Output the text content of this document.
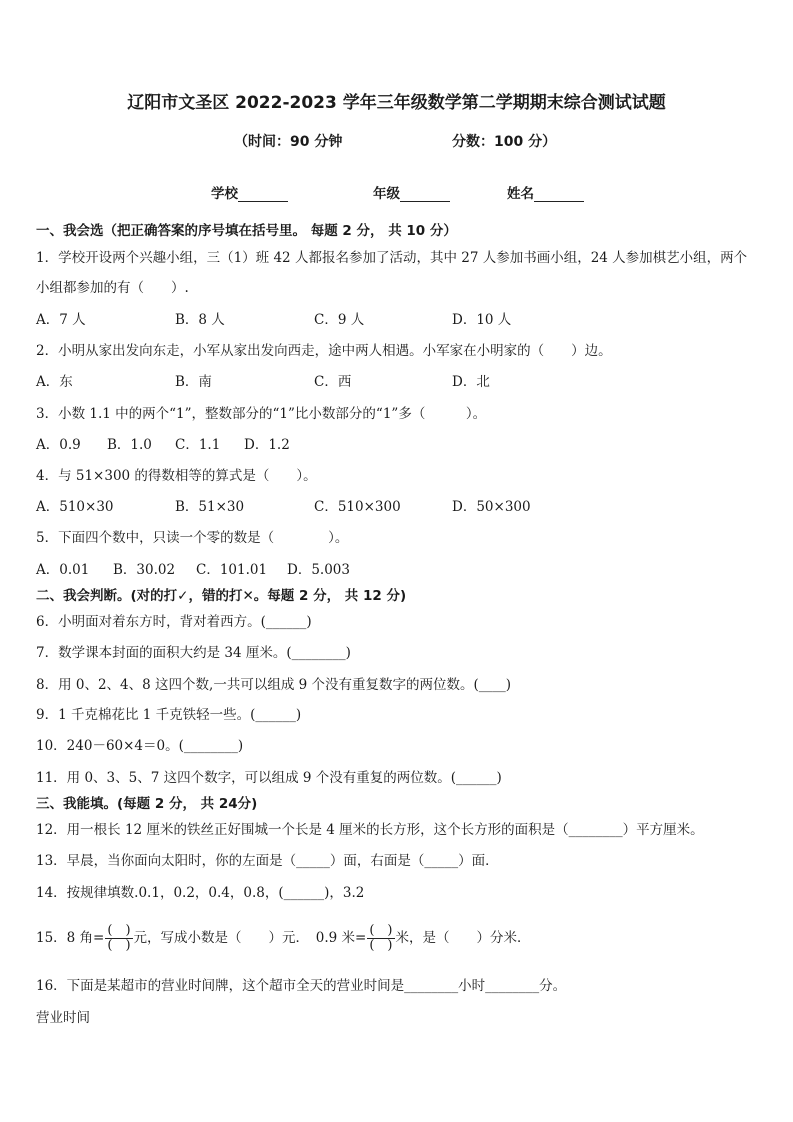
辽阳市文圣区 2022-2023 学年三年级数学第二学期期末综合测试试题
（时间：90 分钟	分数：100 分）
学校	年级	姓名
一、我会选（把正确答案的序号填在括号里。 每题 2 分， 共 10 分）
1．学校开设两个兴趣小组，三（1）班 42 人都报名参加了活动，其中 27 人参加书画小组，24 人参加棋艺小组，两个
小组都参加的有（　　）.
A．7 人	B．8 人	C．9 人	D．10 人
2．小明从家出发向东走，小军从家出发向西走，途中两人相遇。小军家在小明家的（　　）边。
A．东	B．南	C．西	D．北
3．小数 1.1 中的两个“1”，整数部分的“1”比小数部分的“1”多（　　　）。
A．0.9 B．1.0 C．1.1 D．1.2
4．与 51×300 的得数相等的算式是（　　）。
A．510×30	B．51×30	C．510×300	D．50×300
5．下面四个数中，只读一个零的数是（　　　　）。
A．0.01 B．30.02 C．101.01 D．5.003
二、我会判断。(对的打✓，错的打✕。每题 2 分， 共 12 分)
6．小明面对着东方时，背对着西方。(______)
7．数学课本封面的面积大约是 34 厘米。(________)
8．用 0、2、4、8 这四个数,一共可以组成 9 个没有重复数字的两位数。(____)
9．1 千克棉花比 1 千克铁轻一些。(______)
10．240－60×4＝0。(________)
11．用 0、3、5、7 这四个数字，可以组成 9 个没有重复的两位数。(______)
三、我能填。(每题 2 分， 共 24分)
12．用一根长 12 厘米的铁丝正好围城一个长是 4 厘米的长方形，这个长方形的面积是（________）平方厘米。
13．早晨，当你面向太阳时，你的左面是（_____）面，右面是（_____）面．
14．按规律填数.0.1，0.2，0.4，0.8，(______)，3.2
15．8 角= $\frac{( )}{( )}$ 元，写成小数是（　　）元．　0.9 米= $\frac{( )}{( )}$ 米，是（　　）分米．
16．下面是某超市的营业时间牌，这个超市全天的营业时间是________小时________分。
营业时间
